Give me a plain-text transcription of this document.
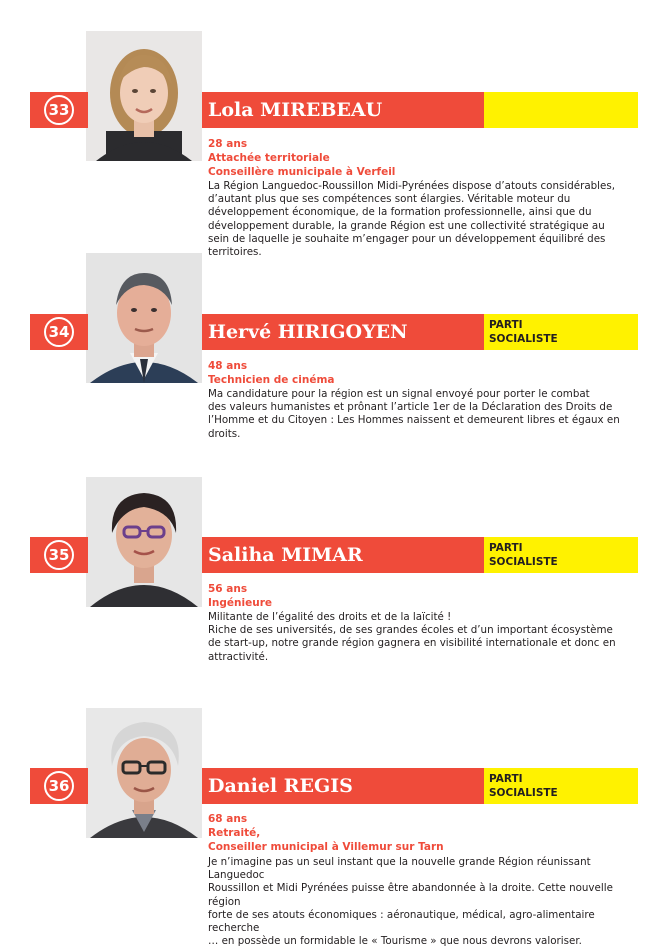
33	Lola MIREBEAU
28 ans
Attachée territoriale
Conseillère municipale à Verfeil
La Région Languedoc-Roussillon Midi-Pyrénées dispose d’atouts considérables,
d’autant plus que ses compétences sont élargies. Véritable moteur du
développement économique, de la formation professionnelle, ainsi que du
développement durable, la grande Région est une collectivité stratégique au
sein de laquelle je souhaite m’engager pour un développement équilibré des
territoires.
34	Hervé HIRIGOYEN	PARTI
SOCIALISTE
48 ans
Technicien de cinéma
Ma candidature pour la région est un signal envoyé pour porter le combat
des valeurs humanistes et prônant l’article 1er de la Déclaration des Droits de
l’Homme et du Citoyen : Les Hommes naissent et demeurent libres et égaux en
droits.
35	Saliha MIMAR	PARTI
SOCIALISTE
56 ans
Ingénieure
Militante de l’égalité des droits et de la laïcité !
Riche de ses universités, de ses grandes écoles et d’un important écosystème
de start-up, notre grande région gagnera en visibilité internationale et donc en
attractivité.
36	Daniel REGIS	PARTI
SOCIALISTE
68 ans
Retraité,
Conseiller municipal à Villemur sur Tarn
Je n’imagine pas un seul instant que la nouvelle grande Région réunissant Languedoc
Roussillon et Midi Pyrénées puisse être abandonnée à la droite. Cette nouvelle région
forte de ses atouts économiques : aéronautique, médical, agro-alimentaire recherche
… en possède un formidable le « Tourisme » que nous devrons valoriser.
